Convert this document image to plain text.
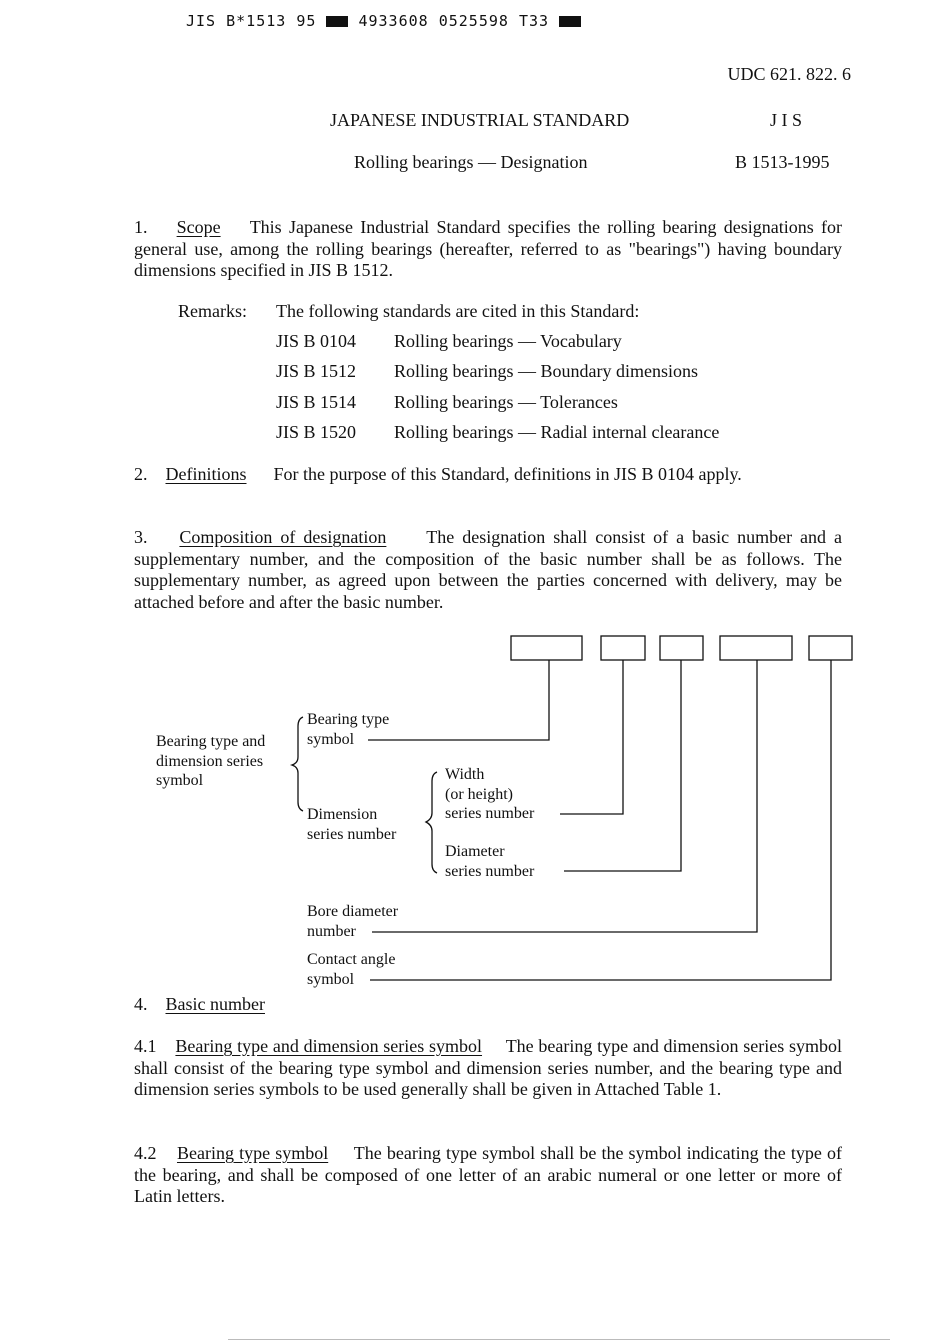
JIS B*1513 95	4933608 0525598 T33
UDC 621. 822. 6
JAPANESE INDUSTRIAL STANDARD	J I S
Rolling bearings — Designation	B 1513-1995
1. Scope This Japanese Industrial Standard specifies the rolling bearing designations for general use, among the rolling bearings (hereafter, referred to as "bearings") having boundary dimensions specified in JIS B 1512.
Remarks: The following standards are cited in this Standard:
JIS B 0104 Rolling bearings — Vocabulary
JIS B 1512 Rolling bearings — Boundary dimensions
JIS B 1514 Rolling bearings — Tolerances
JIS B 1520 Rolling bearings — Radial internal clearance
2. Definitions For the purpose of this Standard, definitions in JIS B 0104 apply.
3. Composition of designation The designation shall consist of a basic number and a supplementary number, and the composition of the basic number shall be as follows. The supplementary number, as agreed upon between the parties concerned with delivery, may be attached before and after the basic number.
Bearing type and
dimension series
symbol
Bearing type
symbol
Dimension
series number
Width
(or height)
series number
Diameter
series number
Bore diameter
number
Contact angle
symbol
4. Basic number
4.1 Bearing type and dimension series symbol The bearing type and dimension series symbol shall consist of the bearing type symbol and dimension series number, and the bearing type and dimension series symbols to be used generally shall be given in Attached Table 1.
4.2 Bearing type symbol The bearing type symbol shall be the symbol indicating the type of the bearing, and shall be composed of one letter of an arabic numeral or one letter or more of Latin letters.
